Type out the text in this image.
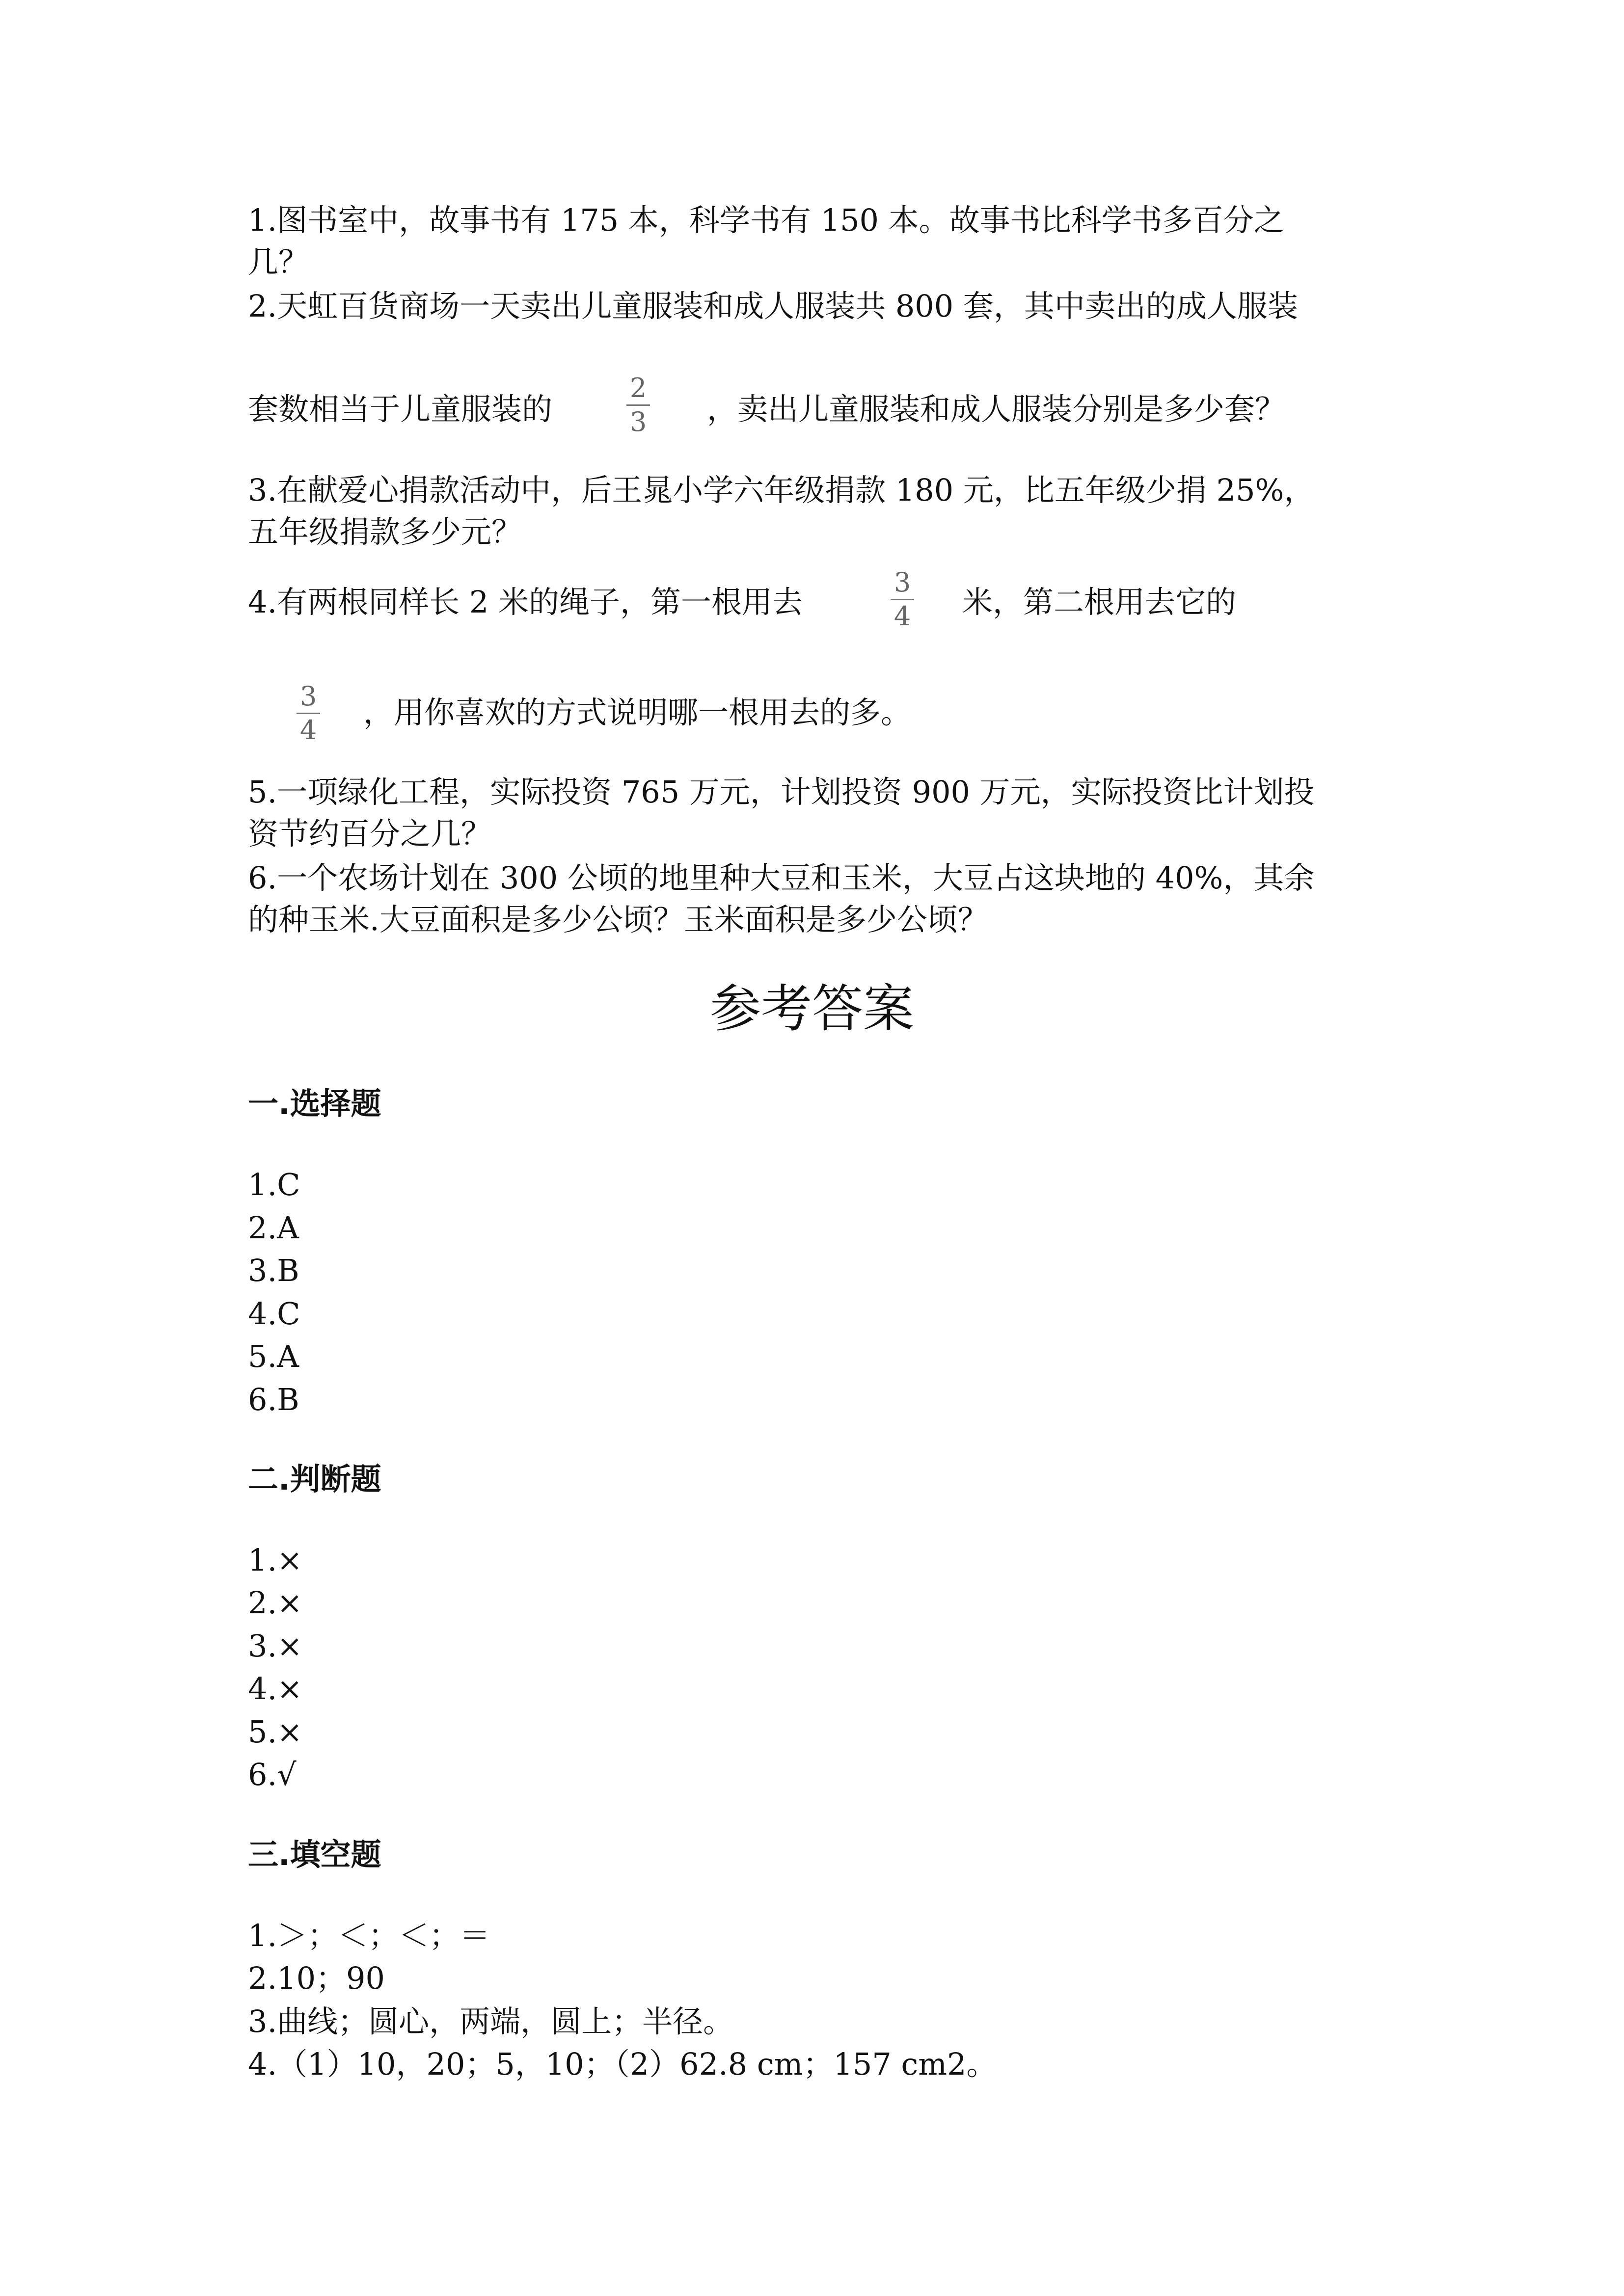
1.图书室中，故事书有 175 本，科学书有 150 本。故事书比科学书多百分之
几？
2.天虹百货商场一天卖出儿童服装和成人服装共 800 套，其中卖出的成人服装
套数相当于儿童服装的
2
3 ，卖出儿童服装和成人服装分别是多少套？
3.在献爱心捐款活动中，后王晁小学六年级捐款 180 元，比五年级少捐 25%，
五年级捐款多少元？
4.有两根同样长 2 米的绳子，第一根用去
3
4 米，第二根用去它的
3
4 ，用你喜欢的方式说明哪一根用去的多。
5.一项绿化工程，实际投资 765 万元，计划投资 900 万元，实际投资比计划投
资节约百分之几？
6.一个农场计划在 300 公顷的地里种大豆和玉米，大豆占这块地的 40%，其余
的种玉米.大豆面积是多少公顷？玉米面积是多少公顷？
参考答案
一.选择题
1.C
2.A
3.B
4.C
5.A
6.B
二.判断题
1.×
2.×
3.×
4.×
5.×
6.√
三.填空题
1.＞；＜；＜；＝
2.10；90
3.曲线；圆心，两端，圆上；半径。
4.（1）10，20；5，10；（2）62.8 cm；157 cm2。
